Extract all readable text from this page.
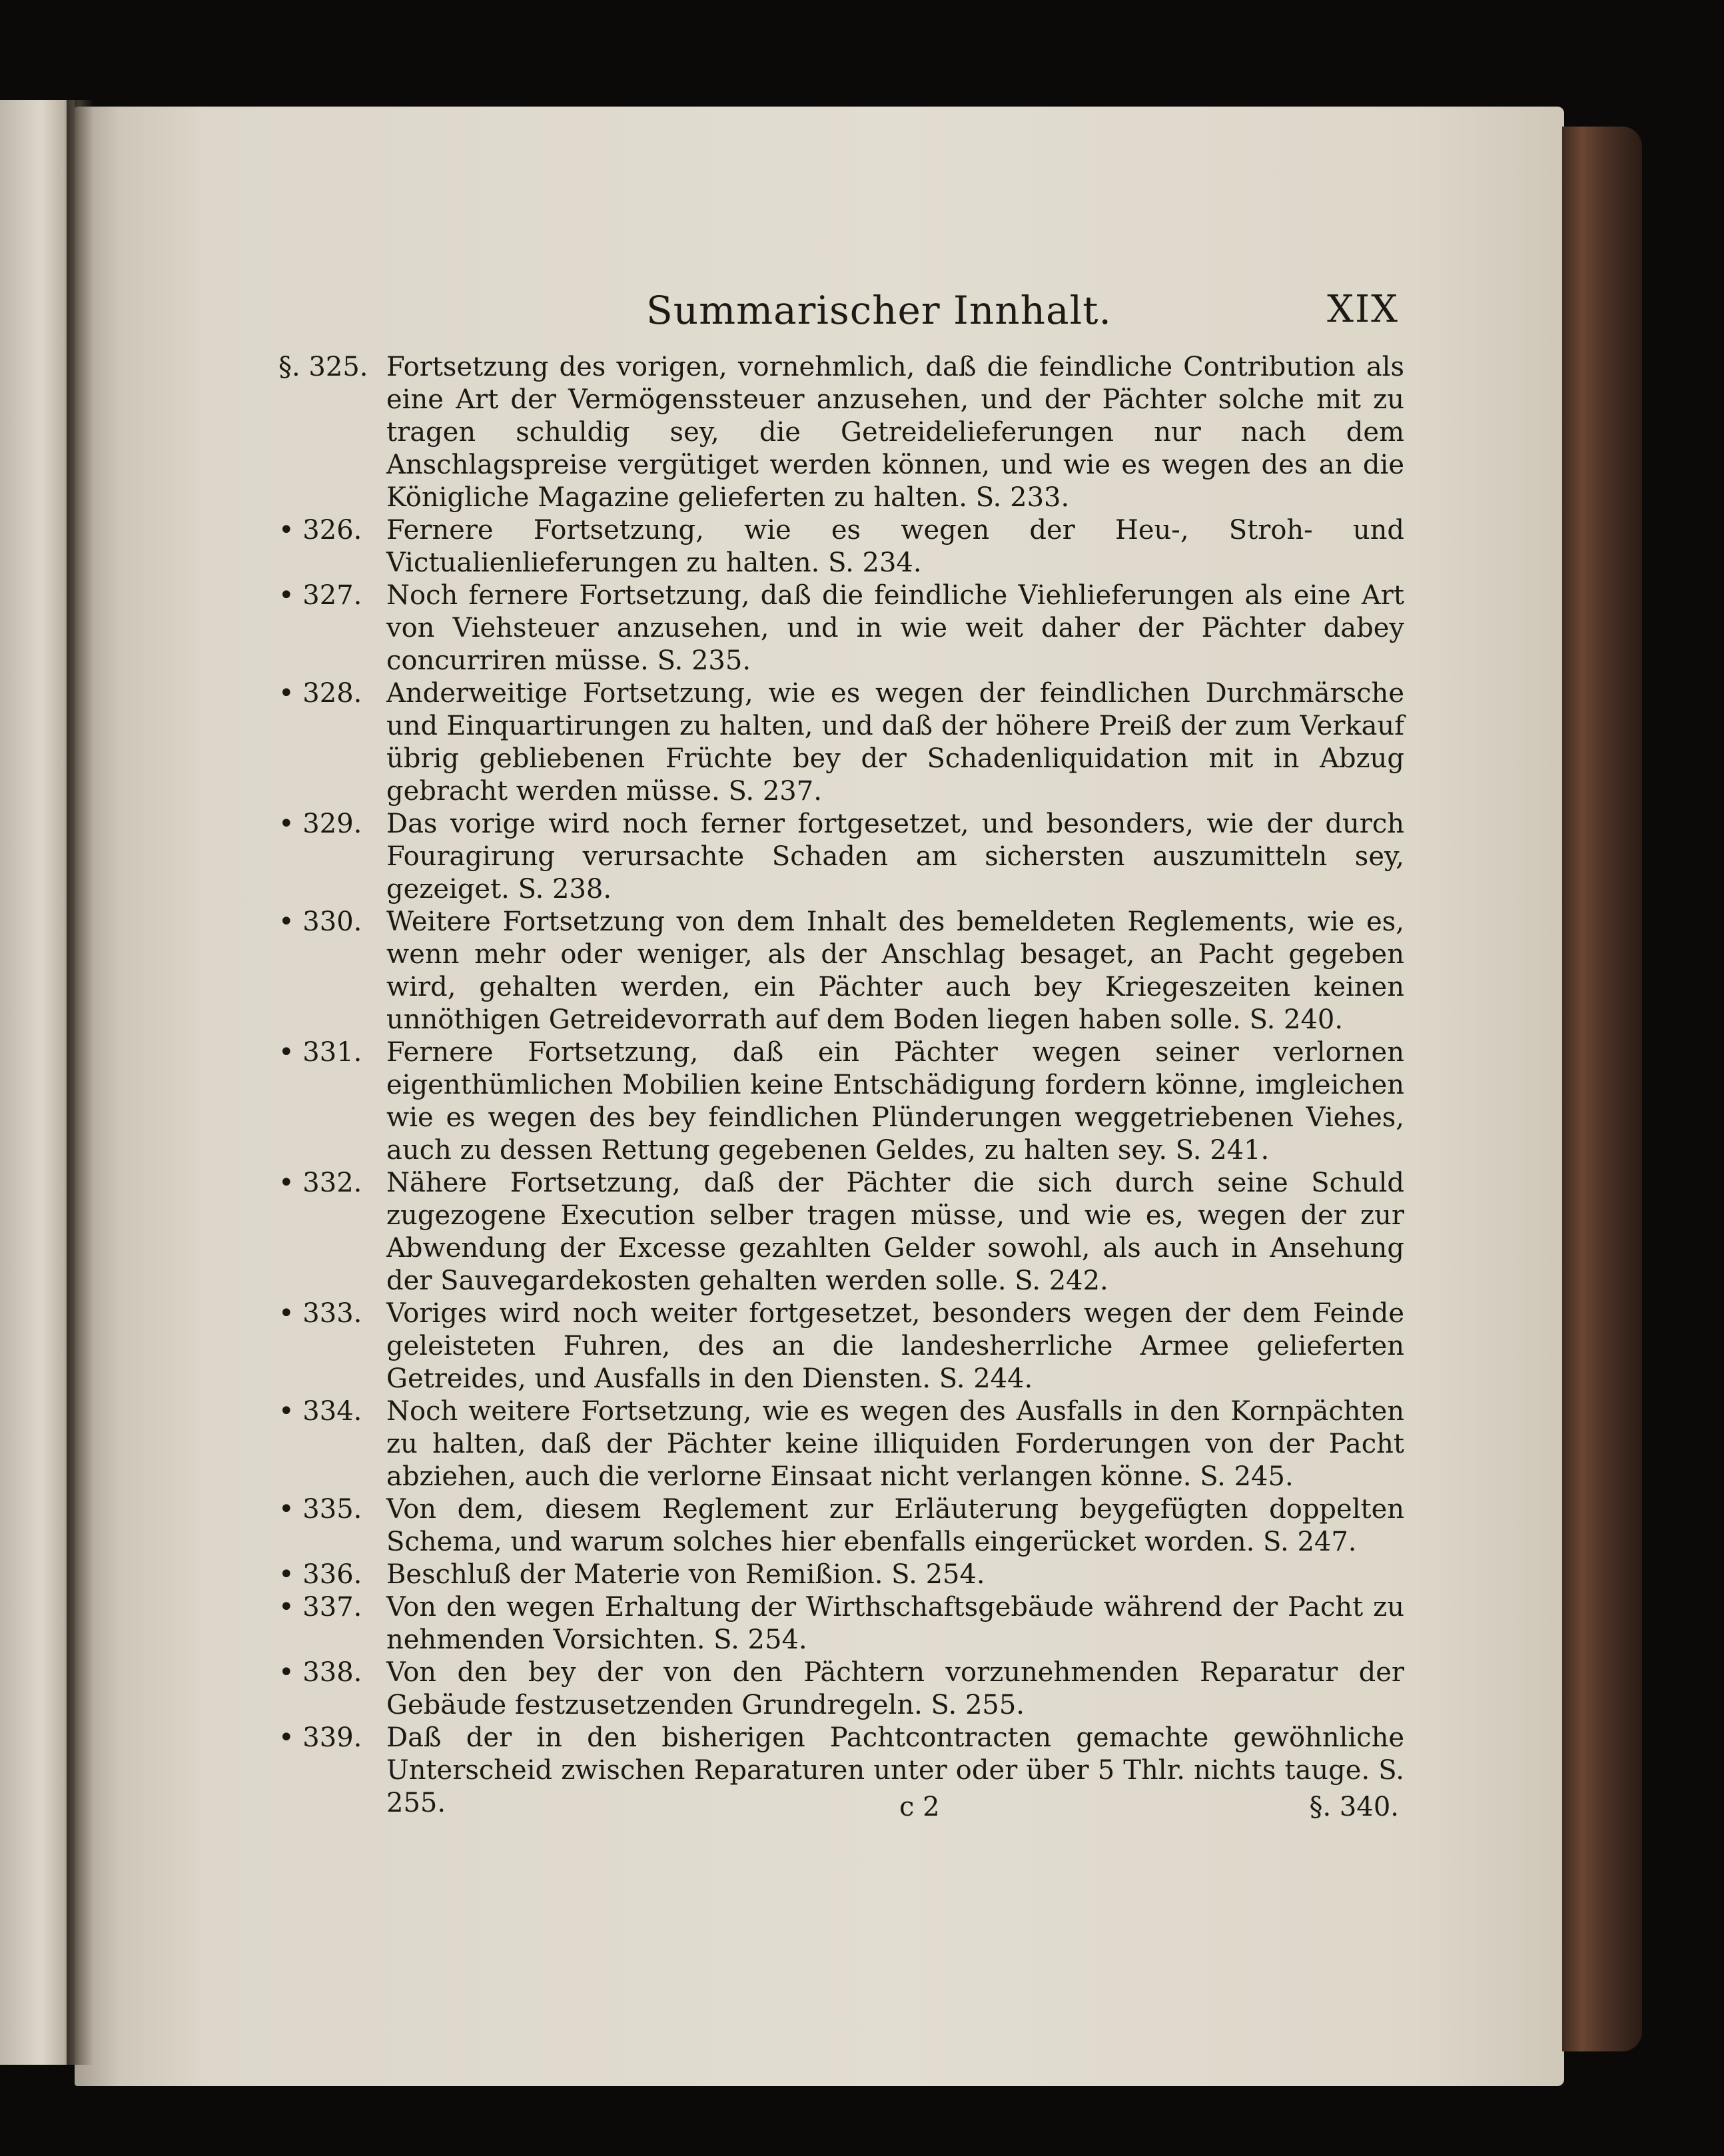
Summarischer Innhalt.	XIX

§. 325. Fortsetzung des vorigen, vornehmlich, daß die feindliche Contribution als eine Art der Vermögenssteuer anzusehen, und der Pächter solche mit zu tragen schuldig sey, die Getreidelieferungen nur nach dem Anschlagspreise vergütiget werden können, und wie es wegen des an die Königliche Magazine gelieferten zu halten. S. 233.

• 326. Fernere Fortsetzung, wie es wegen der Heu-, Stroh- und Victualienlieferungen zu halten. S. 234.

• 327. Noch fernere Fortsetzung, daß die feindliche Viehlieferungen als eine Art von Viehsteuer anzusehen, und in wie weit daher der Pächter dabey concurriren müsse. S. 235.

• 328. Anderweitige Fortsetzung, wie es wegen der feindlichen Durchmärsche und Einquartirungen zu halten, und daß der höhere Preiß der zum Verkauf übrig gebliebenen Früchte bey der Schadenliquidation mit in Abzug gebracht werden müsse. S. 237.

• 329. Das vorige wird noch ferner fortgesetzet, und besonders, wie der durch Fouragirung verursachte Schaden am sichersten auszumitteln sey, gezeiget. S. 238.

• 330. Weitere Fortsetzung von dem Inhalt des bemeldeten Reglements, wie es, wenn mehr oder weniger, als der Anschlag besaget, an Pacht gegeben wird, gehalten werden, ein Pächter auch bey Kriegeszeiten keinen unnöthigen Getreidevorrath auf dem Boden liegen haben solle. S. 240.

• 331. Fernere Fortsetzung, daß ein Pächter wegen seiner verlornen eigenthümlichen Mobilien keine Entschädigung fordern könne, imgleichen wie es wegen des bey feindlichen Plünderungen weggetriebenen Viehes, auch zu dessen Rettung gegebenen Geldes, zu halten sey. S. 241.

• 332. Nähere Fortsetzung, daß der Pächter die sich durch seine Schuld zugezogene Execution selber tragen müsse, und wie es, wegen der zur Abwendung der Excesse gezahlten Gelder sowohl, als auch in Ansehung der Sauvegardekosten gehalten werden solle. S. 242.

• 333. Voriges wird noch weiter fortgesetzet, besonders wegen der dem Feinde geleisteten Fuhren, des an die landesherrliche Armee gelieferten Getreides, und Ausfalls in den Diensten. S. 244.

• 334. Noch weitere Fortsetzung, wie es wegen des Ausfalls in den Kornpächten zu halten, daß der Pächter keine illiquiden Forderungen von der Pacht abziehen, auch die verlorne Einsaat nicht verlangen könne. S. 245.

• 335. Von dem, diesem Reglement zur Erläuterung beygefügten doppelten Schema, und warum solches hier ebenfalls eingerücket worden. S. 247.

• 336. Beschluß der Materie von Remißion. S. 254.

• 337. Von den wegen Erhaltung der Wirthschaftsgebäude während der Pacht zu nehmenden Vorsichten. S. 254.

• 338. Von den bey der von den Pächtern vorzunehmenden Reparatur der Gebäude festzusetzenden Grundregeln. S. 255.

• 339. Daß der in den bisherigen Pachtcontracten gemachte gewöhnliche Unterscheid zwischen Reparaturen unter oder über 5 Thlr. nichts tauge. S. 255.	c 2	§. 340.
